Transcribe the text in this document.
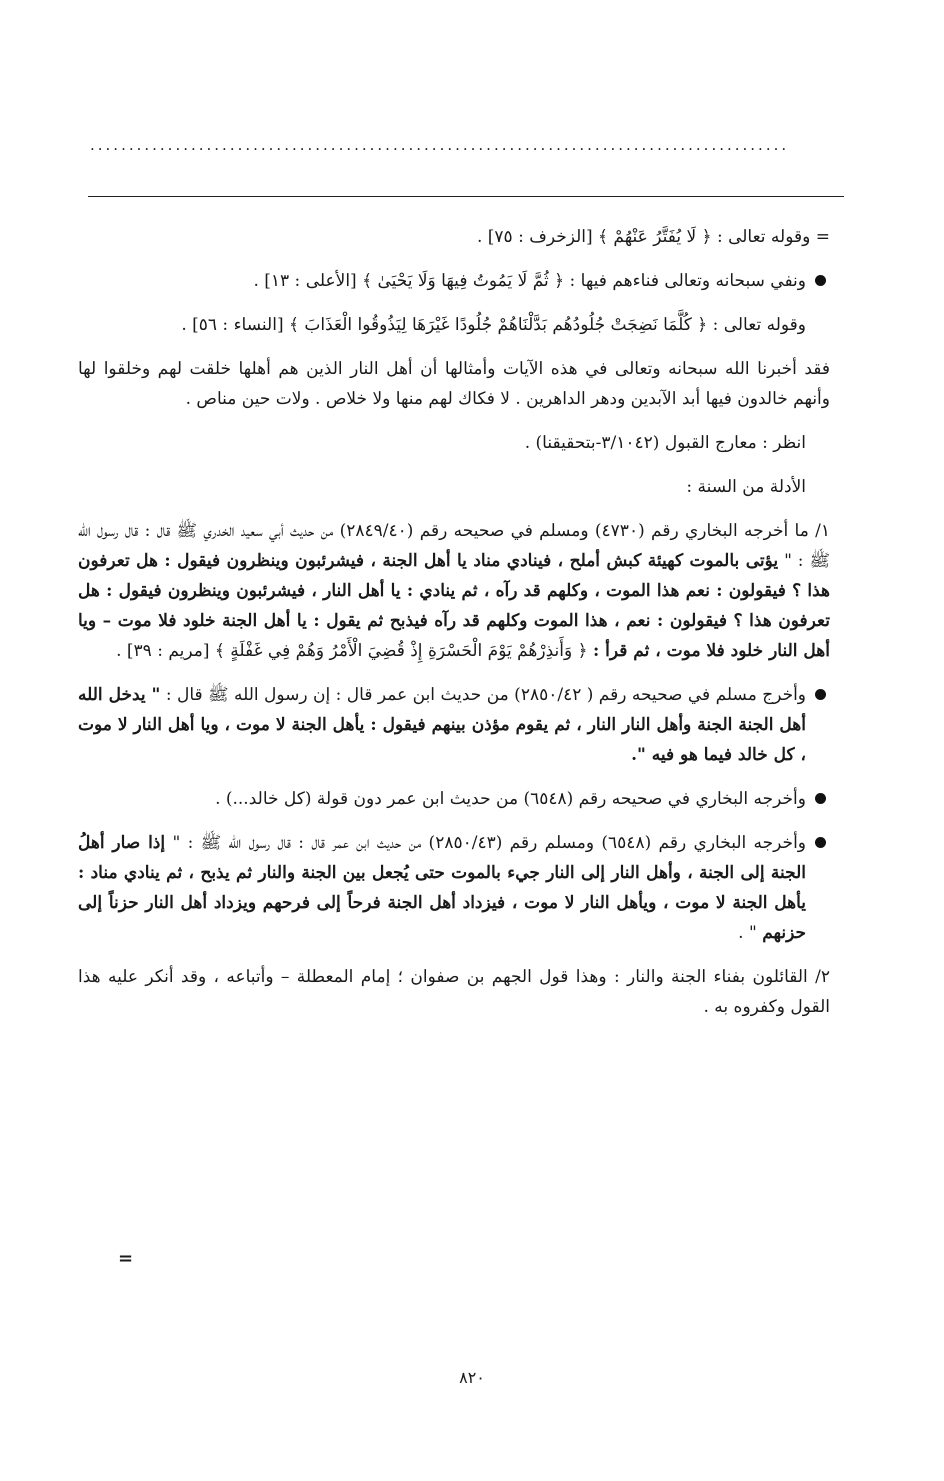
..........................................................................................

= وقوله تعالى : ﴿ لَا يُفَتَّرُ عَنْهُمْ ﴾ [الزخرف : ٧٥] .

ونفي سبحانه وتعالى فناءهم فيها : ﴿ ثُمَّ لَا يَمُوتُ فِيهَا وَلَا يَحْيَىٰ ﴾ [الأعلى : ١٣] .

وقوله تعالى : ﴿ كُلَّمَا نَضِجَتْ جُلُودُهُم بَدَّلْنَاهُمْ جُلُودًا غَيْرَهَا لِيَذُوقُوا الْعَذَابَ ﴾ [النساء : ٥٦] .

فقد أخبرنا الله سبحانه وتعالى في هذه الآيات وأمثالها أن أهل النار الذين هم أهلها خلقت لهم وخلقوا لها وأنهم خالدون فيها أبد الآبدين ودهر الداهرين . لا فكاك لهم منها ولا خلاص . ولات حين مناص .

انظر : معارج القبول (٣/١٠٤٢-بتحقيقنا) .

الأدلة من السنة :

١/ ما أخرجه البخاري رقم (٤٧٣٠) ومسلم في صحيحه رقم (٢٨٤٩/٤٠) من حديث أبي سعيد الخدري ﷺ قال : قال رسول الله ﷺ : " يؤتى بالموت كهيئة كبش أملح ، فينادي مناد يا أهل الجنة ، فيشرئبون وينظرون فيقول : هل تعرفون هذا ؟ فيقولون : نعم هذا الموت ، وكلهم قد رآه ، ثم ينادي : يا أهل النار ، فيشرئبون وينظرون فيقول : هل تعرفون هذا ؟ فيقولون : نعم ، هذا الموت وكلهم قد رآه فيذبح ثم يقول : يا أهل الجنة خلود فلا موت – ويا أهل النار خلود فلا موت ، ثم قرأ : ﴿ وَأَنذِرْهُمْ يَوْمَ الْحَسْرَةِ إِذْ قُضِيَ الْأَمْرُ وَهُمْ فِي غَفْلَةٍ ﴾ [مريم : ٣٩] .

وأخرج مسلم في صحيحه رقم ( ٢٨٥٠/٤٢) من حديث ابن عمر قال : إن رسول الله ﷺ قال : " يدخل الله أهل الجنة الجنة وأهل النار النار ، ثم يقوم مؤذن بينهم فيقول : يأهل الجنة لا موت ، ويا أهل النار لا موت ، كل خالد فيما هو فيه ".

وأخرجه البخاري في صحيحه رقم (٦٥٤٨) من حديث ابن عمر دون قولة (كل خالد...) .

وأخرجه البخاري رقم (٦٥٤٨) ومسلم رقم (٢٨٥٠/٤٣) من حديث ابن عمر قال : قال رسول الله ﷺ : " إذا صار أهلُ الجنة إلى الجنة ، وأهل النار إلى النار جيء بالموت حتى يُجعل بين الجنة والنار ثم يذبح ، ثم ينادي مناد : يأهل الجنة لا موت ، ويأهل النار لا موت ، فيزداد أهل الجنة فرحاً إلى فرحهم ويزداد أهل النار حزناً إلى حزنهم " .

٢/ القائلون بفناء الجنة والنار : وهذا قول الجهم بن صفوان ؛ إمام المعطلة – وأتباعه ، وقد أنكر عليه هذا القول وكفروه به .

=
٨٢٠
